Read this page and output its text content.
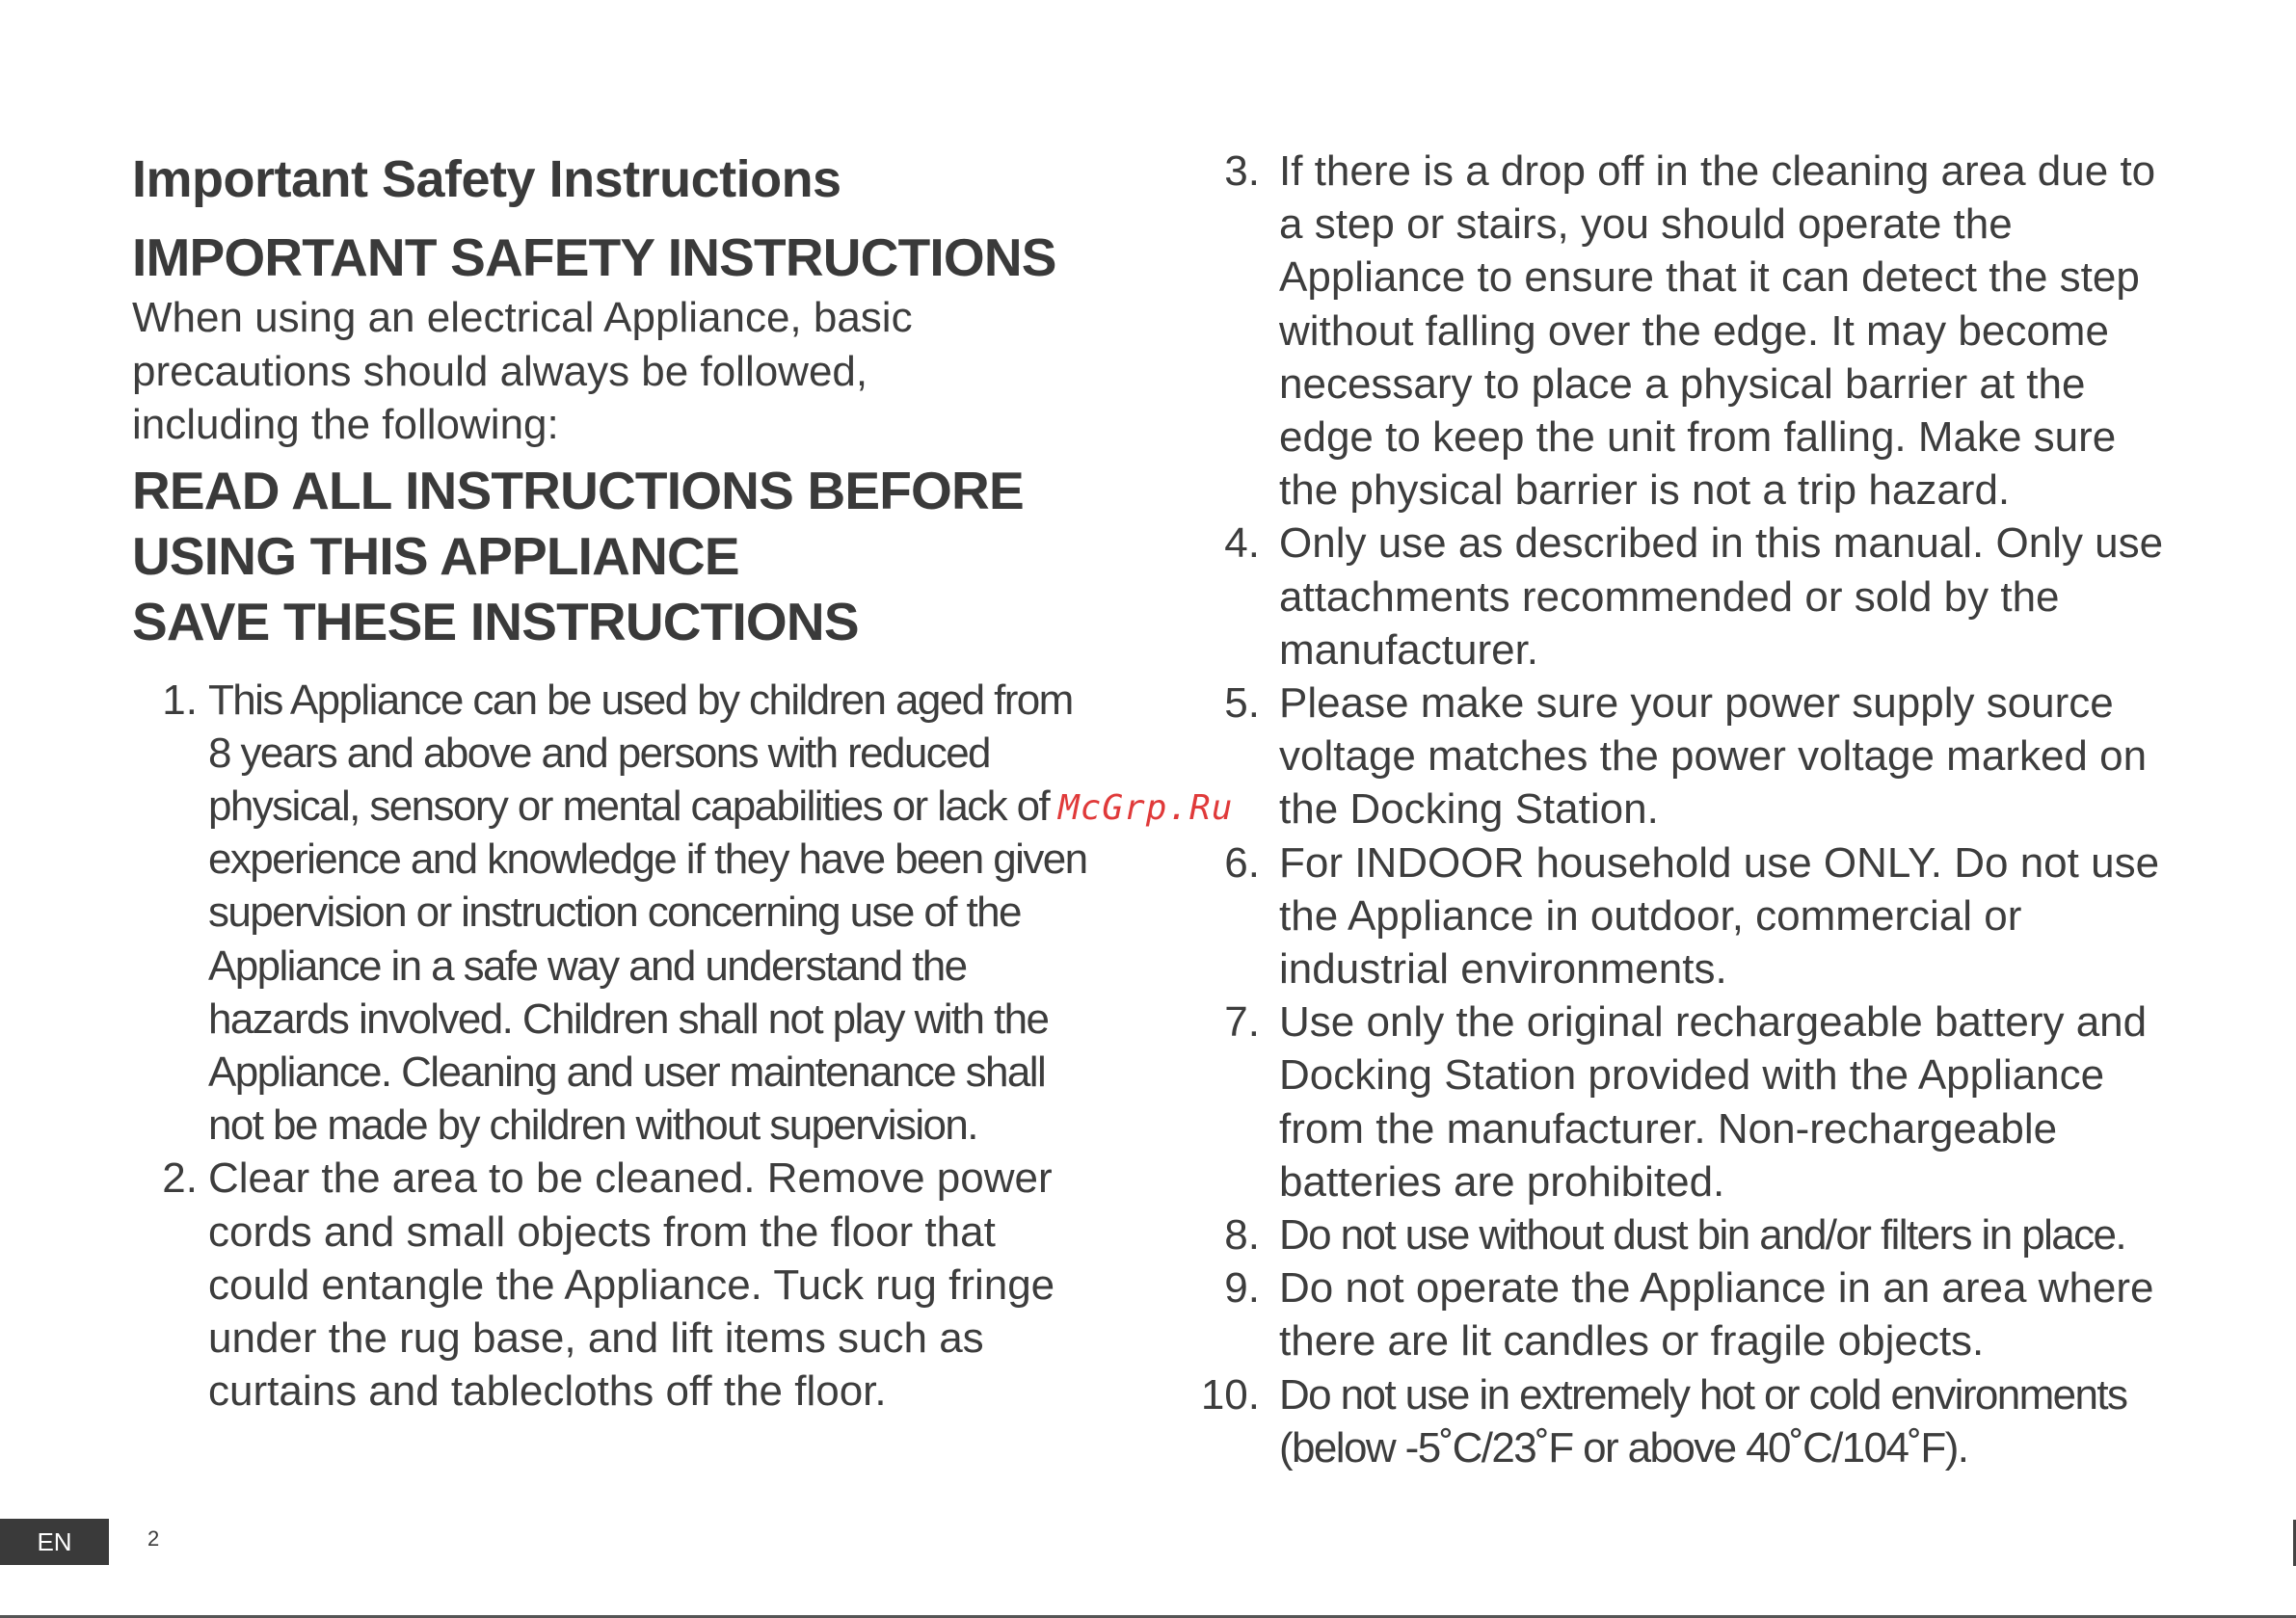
Important Safety Instructions
IMPORTANT SAFETY INSTRUCTIONS

When using an electrical Appliance, basic
precautions should always be followed,
including the following:

READ ALL INSTRUCTIONS BEFORE
USING THIS APPLIANCE
SAVE THESE INSTRUCTIONS
1. This Appliance can be used by children aged from 8 years and above and persons with reduced physical, sensory or mental capabilities or lack of experience and knowledge if they have been given supervision or instruction concerning use of the Appliance in a safe way and understand the hazards involved. Children shall not play with the Appliance. Cleaning and user maintenance shall not be made by children without supervision.
2. Clear the area to be cleaned. Remove power cords and small objects from the floor that could entangle the Appliance. Tuck rug fringe under the rug base, and lift items such as curtains and tablecloths off the floor.
3. If there is a drop off in the cleaning area due to a step or stairs, you should operate the Appliance to ensure that it can detect the step without falling over the edge. It may become necessary to place a physical barrier at the edge to keep the unit from falling. Make sure the physical barrier is not a trip hazard.
4. Only use as described in this manual. Only use attachments recommended or sold by the manufacturer.
5. Please make sure your power supply source voltage matches the power voltage marked on the Docking Station.
6. For INDOOR household use ONLY. Do not use the Appliance in outdoor, commercial or industrial environments.
7. Use only the original rechargeable battery and Docking Station provided with the Appliance from the manufacturer. Non-rechargeable batteries are prohibited.
8. Do not use without dust bin and/or filters in place.
9. Do not operate the Appliance in an area where there are lit candles or fragile objects.
10. Do not use in extremely hot or cold environments (below -5˚C/23˚F or above 40˚C/104˚F).
McGrp.Ru
EN	2
